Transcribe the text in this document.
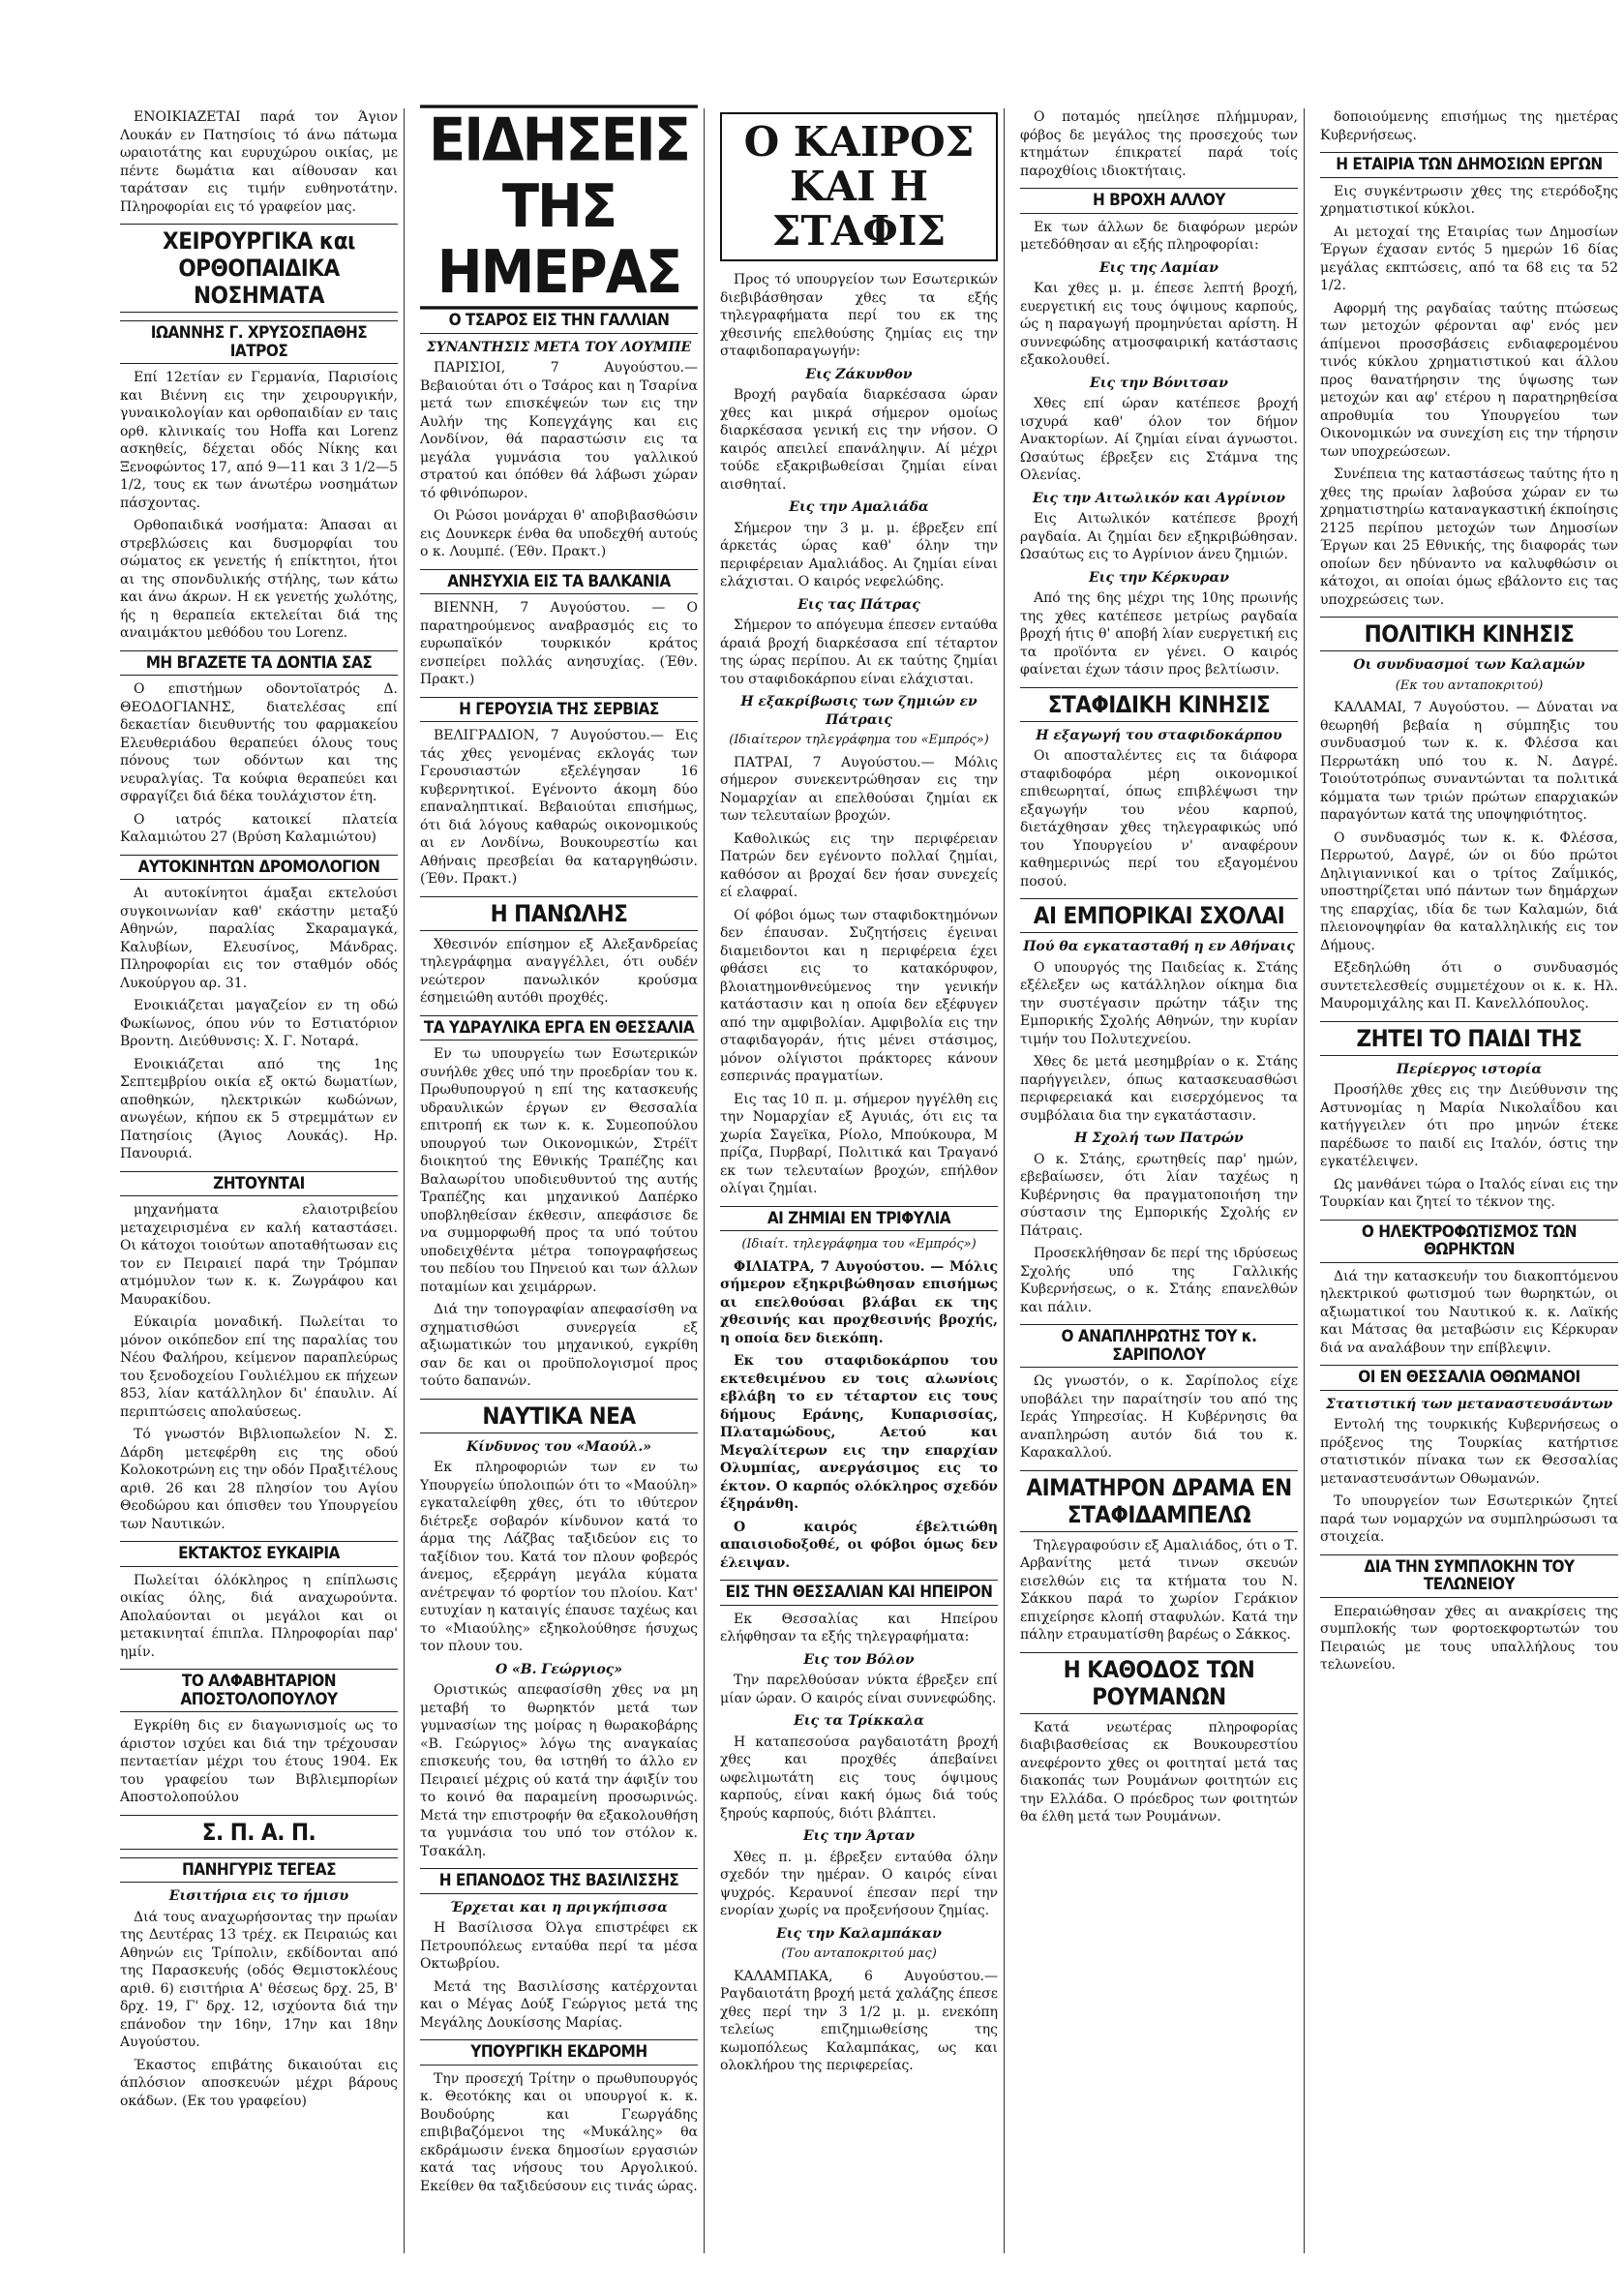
ΕΝΟΙΚΙΑΖΕΤΑΙ παρά τον Άγιον Λουκάν εν Πατησίοις τό άνω πάτωμα ωραιοτάτης και ευρυχώρου οικίας, με πέντε δωμάτια και αίθουσαν και ταράτσαν εις τιμήν ευθηνοτάτην. Πληροφορίαι εις τό γραφείον μας.

ΧΕΙΡΟΥΡΓΙΚΑ και ΟΡΘΟΠΑΙΔΙΚΑ ΝΟΣΗΜΑΤΑ
ΙΩΑΝΝΗΣ Γ. ΧΡΥΣΟΣΠΑΘΗΣ ΙΑΤΡΟΣ

Επί 12ετίαν εν Γερμανία, Παρισίοις και Βιέννη εις την χειρουργικήν, γυναικολογίαν και ορθοπαιδίαν εν ταις ορθ. κλινικαίς του Hoffa και Lorenz ασκηθείς, δέχεται οδός Νίκης και Ξενοφώντος 17, από 9—11 και 3 1/2—5 1/2, τους εκ των άνωτέρω νοσημάτων πάσχοντας.

Ορθοπαιδικά νοσήματα: Άπασαι αι στρεβλώσεις και δυσμορφίαι του σώματος εκ γενετής ή επίκτητοι, ήτοι αι της σπονδυλικής στήλης, των κάτω και άνω άκρων. Η εκ γενετής χωλότης, ής η θεραπεία εκτελείται διά της αναιμάκτου μεθόδου του Lorenz.

ΜΗ ΒΓΑΖΕΤΕ ΤΑ ΔΟΝΤΙΑ ΣΑΣ

Ο επιστήμων οδοντοϊατρός Δ. ΘΕΟΔΟΓΙΑΝΗΣ, διατελέσας επί δεκαετίαν διευθυντής του φαρμακείου Ελευθεριάδου θεραπεύει όλους τους πόνους των οδόντων και της νευραλγίας. Τα κούφια θεραπεύει και σφραγίζει διά δέκα τουλάχιστον έτη.

Ο ιατρός κατοικεί πλατεία Καλαμιώτου 27 (Βρύση Καλαμιώτου)

ΑΥΤΟΚΙΝΗΤΩΝ ΔΡΟΜΟΛΟΓΙΟΝ

Αι αυτοκίνητοι άμαξαι εκτελούσι συγκοινωνίαν καθ' εκάστην μεταξύ Αθηνών, παραλίας Σκαραμαγκά, Καλυβίων, Ελευσίνος, Μάνδρας. Πληροφορίαι εις τον σταθμόν οδός Λυκούργου αρ. 31.

Ενοικιάζεται μαγαζείον εν τη οδώ Φωκίωνος, όπου νύν το Εστιατόριον Βροντη. Διεύθυνσις: Χ. Γ. Νοταρά.

Ενοικιάζεται από της 1ης Σεπτεμβρίου οικία εξ οκτώ δωματίων, αποθηκών, ηλεκτρικών κωδώνων, ανωγέων, κήπου εκ 5 στρεμμάτων εν Πατησίοις (Άγιος Λουκάς). Ηρ. Πανουριά.

ΖΗΤΟΥΝΤΑΙ

μηχανήματα ελαιοτριβείου μεταχειρισμένα εν καλή καταστάσει. Οι κάτοχοι τοιούτων αποταθήτωσαν εις τον εν Πειραιεί παρά την Τρόμπαν ατμόμυλον των κ. κ. Ζωγράφου και Μαυρακίδου.

Εύκαιρία μοναδική. Πωλείται το μόνον οικόπεδον επί της παραλίας του Νέου Φαλήρου, κείμενον παραπλεύρως του ξενοδοχείου Γουλιέλμου εκ πήχεων 853, λίαν κατάλληλον δι' έπαυλιν. Αί περιπτώσεις απολαύσεως.

Τό γνωστόν Βιβλιοπωλείον Ν. Σ. Δάρδη μετεφέρθη εις της οδού Κολοκοτρώνη εις την οδόν Πραξιτέλους αριθ. 26 και 28 πλησίον του Αγίου Θεοδώρου και όπισθεν του Υπουργείου των Ναυτικών.

ΕΚΤΑΚΤΟΣ ΕΥΚΑΙΡΙΑ

Πωλείται όλόκληρος η επίπλωσις οικίας όλης, διά αναχωρούντα. Απολαύονται οι μεγάλοι και οι μετακινηταί έπιπλα. Πληροφορίαι παρ' ημίν.

ΤΟ ΑΛΦΑΒΗΤΑΡΙΟΝ ΑΠΟΣΤΟΛΟΠΟΥΛΟΥ

Εγκρίθη δις εν διαγωνισμοίς ως το άριστον ισχύει και διά την τρέχουσαν πενταετίαν μέχρι του έτους 1904. Εκ του γραφείου των Βιβλιεμπορίων Αποστολοπούλου

Σ. Π. Α. Π.
ΠΑΝΗΓΥΡΙΣ ΤΕΓΕΑΣ
Εισιτήρια εις το ήμισυ

Διά τους αναχωρήσοντας την πρωίαν της Δευτέρας 13 τρέχ. εκ Πειραιώς και Αθηνών εις Τρίπολιν, εκδίδονται από της Παρασκευής (οδός Θεμιστοκλέους αριθ. 6) εισιτήρια Α' θέσεως δρχ. 25, Β' δρχ. 19, Γ' δρχ. 12, ισχύοντα διά την επάνοδον την 16ην, 17ην και 18ην Αυγούστου.

Έκαστος επιβάτης δικαιούται εις άπλόσιον αποσκευών μέχρι βάρους οκάδων. (Εκ του γραφείου)

ΕΙΔΗΣΕΙΣ ΤΗΣ ΗΜΕΡΑΣ
Ο ΤΣΑΡΟΣ ΕΙΣ ΤΗΝ ΓΑΛΛΙΑΝ
ΣΥΝΑΝΤΗΣΙΣ ΜΕΤΑ ΤΟΥ ΛΟΥΜΠΕ

ΠΑΡΙΣΙΟΙ, 7 Αυγούστου.— Βεβαιούται ότι ο Τσάρος και η Τσαρίνα μετά των επισκέψεών των εις την Αυλήν της Κοπεγχάγης και εις Λονδίνον, θά παραστώσιν εις τα μεγάλα γυμνάσια του γαλλικού στρατού και όπόθεν θά λάβωσι χώραν τό φθινόπωρον.

Οι Ρώσοι μονάρχαι θ' αποβιβασθώσιν εις Δουνκερκ ένθα θα υποδεχθή αυτούς ο κ. Λουμπέ. (Έθν. Πρακτ.)

ΑΝΗΣΥΧΙΑ ΕΙΣ ΤΑ ΒΑΛΚΑΝΙΑ

ΒΙΕΝΝΗ, 7 Αυγούστου. — Ο παρατηρούμενος αναβρασμός εις το ευρωπαϊκόν τουρκικόν κράτος ενσπείρει πολλάς ανησυχίας. (Έθν. Πρακτ.)

Η ΓΕΡΟΥΣΙΑ ΤΗΣ ΣΕΡΒΙΑΣ

ΒΕΛΙΓΡΑΔΙΟΝ, 7 Αυγούστου.— Εις τάς χθες γενομένας εκλογάς των Γερουσιαστών εξελέγησαν 16 κυβερνητικοί. Εγένοντο άκομη δύο επαναληπτικαί. Βεβαιούται επισήμως, ότι διά λόγους καθαρώς οικονομικούς αι εν Λονδίνω, Βουκουρεστίω και Αθήναις πρεσβείαι θα καταργηθώσιν. (Έθν. Πρακτ.)

Η ΠΑΝΩΛΗΣ

Χθεσινόν επίσημον εξ Αλεξανδρείας τηλεγράφημα αναγγέλλει, ότι ουδέν νεώτερον πανωλικόν κρούσμα έσημειώθη αυτόθι προχθές.

ΤΑ ΥΔΡΑΥΛΙΚΑ ΕΡΓΑ ΕΝ ΘΕΣΣΑΛΙΑ

Εν τω υπουργείω των Εσωτερικών συνήλθε χθες υπό την προεδρίαν του κ. Πρωθυπουργού η επί της κατασκευής υδραυλικών έργων εν Θεσσαλία επιτροπή εκ των κ. κ. Συμεοπούλου υπουργού των Οικονομικών, Στρέϊτ διοικητού της Εθνικής Τραπέζης και Βαλαωρίτου υποδιευθυντού της αυτής Τραπέζης και μηχανικού Δαπέρκο υποβληθείσαν έκθεσιν, απεφάσισε δε να συμμορφωθή προς τα υπό τούτου υποδειχθέντα μέτρα τοπογραφήσεως του πεδίου του Πηνειού και των άλλων ποταμίων και χειμάρρων.

Διά την τοπογραφίαν απεφασίσθη να σχηματισθώσι συνεργεία εξ αξιωματικών του μηχανικού, εγκρίθη σαν δε και οι προϋπολογισμοί προς τούτο δαπανών.

ΝΑΥΤΙΚΑ ΝΕΑ
Κίνδυνος του «Μαούλ.»

Εκ πληροφοριών των εν τω Υπουργείω ύπολοιπών ότι το «Μαούλη» εγκαταλείφθη χθες, ότι το ιθύτερον διέτρεξε σοβαρόν κίνδυνον κατά το άρμα της Λάζβας ταξιδεύον εις το ταξίδιον του. Κατά τον πλουν φοβερός άνεμος, εξερράγη μεγάλα κύματα ανέτρεψαν τό φορτίον του πλοίου. Κατ' ευτυχίαν η καταιγίς έπαυσε ταχέως και το «Μιαούλης» εξηκολούθησε ήσυχως τον πλουν του.

Ο «Β. Γεώργιος»

Οριστικώς απεφασίσθη χθες να μη μεταβή το θωρηκτόν μετά των γυμνασίων της μοίρας η θωρακοβάρης «Β. Γεώργιος» λόγω της αναγκαίας επισκευής του, θα ιστηθή το άλλο εν Πειραιεί μέχρις ού κατά την άφιξίν του το κοινό θα παραμείνη προσωρινώς. Μετά την επιστροφήν θα εξακολουθήση τα γυμνάσια του υπό τον στόλον κ. Τσακάλη.

Η ΕΠΑΝΟΔΟΣ ΤΗΣ ΒΑΣΙΛΙΣΣΗΣ
Έρχεται και η πριγκήπισσα

Η Βασίλισσα Όλγα επιστρέφει εκ Πετρουπόλεως ενταύθα περί τα μέσα Οκτωβρίου.

Μετά της Βασιλίσσης κατέρχονται και ο Μέγας Δούξ Γεώργιος μετά της Μεγάλης Δουκίσσης Μαρίας.

ΥΠΟΥΡΓΙΚΗ ΕΚΔΡΟΜΗ

Την προσεχή Τρίτην ο πρωθυπουργός κ. Θεοτόκης και οι υπουργοί κ. κ. Βουδούρης και Γεωργάδης επιβιβαζόμενοι της «Μυκάλης» θα εκδράμωσιν ένεκα δημοσίων εργασιών κατά τας νήσους του Αργολικού. Εκείθεν θα ταξιδεύσουν εις τινάς ώρας.

Ο ΚΑΙΡΟΣ ΚΑΙ Η ΣΤΑΦΙΣ

Προς τό υπουργείον των Εσωτερικών διεβιβάσθησαν χθες τα εξής τηλεγραφήματα περί του εκ της χθεσινής επελθούσης ζημίας εις την σταφιδοπαραγωγήν:

Εις Ζάκυνθον

Βροχή ραγδαία διαρκέσασα ώραν χθες και μικρά σήμερον ομοίως διαρκέσασα γενική εις την νήσον. Ο καιρός απειλεί επανάληψιν. Αί μέχρι τούδε εξακριβωθείσαι ζημίαι είναι αισθηταί.

Εις την Αμαλιάδα

Σήμερον την 3 μ. μ. έβρεξεν επί άρκετάς ώρας καθ' όλην την περιφέρειαν Αμαλιάδος. Αι ζημίαι είναι ελάχισται. Ο καιρός νεφελώδης.

Εις τας Πάτρας

Σήμερον το απόγευμα έπεσεν ενταύθα άραιά βροχή διαρκέσασα επί τέταρτον της ώρας περίπου. Αι εκ ταύτης ζημίαι του σταφιδοκάρπου είναι ελάχισται.

Η εξακρίβωσις των ζημιών εν Πάτραις
(Ιδιαίτερον τηλεγράφημα του «Εμπρός»)

ΠΑΤΡΑΙ, 7 Αυγούστου.— Μόλις σήμερον συνεκεντρώθησαν εις την Νομαρχίαν αι επελθούσαι ζημίαι εκ των τελευταίων βροχών.

Καθολικώς εις την περιφέρειαν Πατρών δεν εγένοντο πολλαί ζημίαι, καθόσον αι βροχαί δεν ήσαν συνεχείς εί ελαφραί.

Οί φόβοι όμως των σταφιδοκτημόνων δεν έπαυσαν. Συζητήσεις έγειναι διαμειδοντοι και η περιφέρεια έχει φθάσει εις το κατακόρυφον, βλοιατημονθνεύμενος την γενικήν κατάστασιν και η οποία δεν εξέφυγεν από την αμφιβολίαν. Αμφιβολία εις την σταφιδαγοράν, ήτις μένει στάσιμος, μόνον ολίγιστοι πράκτορες κάνουν εσπερινάς πραγματίων.

Εις τας 10 π. μ. σήμερον ηγγέλθη εις την Νομαρχίαν εξ Αγυιάς, ότι εις τα χωρία Σαγεϊκα, Ρίολο, Μπούκουρα, Μ πρίζα, Πυρβαρί, Πολιτικά και Τραγανό εκ των τελευταίων βροχών, επήλθον ολίγαι ζημίαι.

ΑΙ ΖΗΜΙΑΙ ΕΝ ΤΡΙΦΥΛΙΑ
(Ιδιαίτ. τηλεγράφημα του «Εμπρός»)

ΦΙΛΙΑΤΡΑ, 7 Αυγούστου. — Μόλις σήμερον εξηκριβώθησαν επισήμως αι επελθούσαι βλάβαι εκ της χθεσινής και προχθεσινής βροχής, η οποία δεν διεκόπη.

Εκ του σταφιδοκάρπου του εκτεθειμένου εν τοις αλωνίοις εβλάβη το εν τέταρτον εις τους δήμους Εράνης, Κυπαρισσίας, Πλαταμώδους, Αετού και Μεγαλίτερων εις την επαρχίαν Ολυμπίας, ανεργάσιμος εις το έκτον. Ο καρπός ολόκληρος σχεδόν έξηράνθη.

Ο καιρός έβελτιώθη απαισιοδοξοθέ, οι φόβοι όμως δεν έλειψαν.

ΕΙΣ ΤΗΝ ΘΕΣΣΑΛΙΑΝ ΚΑΙ ΗΠΕΙΡΟΝ

Εκ Θεσσαλίας και Ηπείρου ελήφθησαν τα εξής τηλεγραφήματα:

Εις τον Βόλον

Την παρελθούσαν νύκτα έβρεξεν επί μίαν ώραν. Ο καιρός είναι συννεφώδης.

Εις τα Τρίκκαλα

Η καταπεσούσα ραγδαιοτάτη βροχή χθες και προχθές άπεβαίνει ωφελιμωτάτη εις τους όψιμους καρπούς, είναι κακή όμως διά τούς ξηρούς καρπούς, διότι βλάπτει.

Εις την Άρταν

Χθες π. μ. έβρεξεν ενταύθα όλην σχεδόν την ημέραν. Ο καιρός είναι ψυχρός. Κεραυνοί έπεσαν περί την ενορίαν χωρίς να προξενήσουν ζημίας.

Εις την Καλαμπάκαν
(Του ανταποκριτού μας)

ΚΑΛΑΜΠΑΚΑ, 6 Αυγούστου.— Ραγδαιοτάτη βροχή μετά χαλάζης έπεσε χθες περί την 3 1/2 μ. μ. ενεκόπη τελείως επιζημιωθείσης της κωμοπόλεως Καλαμπάκας, ως και ολοκλήρου της περιφερείας.

Ο ποταμός ηπείλησε πλήμμυραν, φόβος δε μεγάλος της προσεχούς των κτημάτων έπικρατεί παρά τοίς παροχθίοις ιδιοκτήταις.

Η ΒΡΟΧΗ ΑΛΛΟΥ

Εκ των άλλων δε διαφόρων μερών μετεδόθησαν αι εξής πληροφορίαι:

Εις της Λαμίαν

Και χθες μ. μ. έπεσε λεπτή βροχή, ευεργετική εις τους όψιμους καρπούς, ώς η παραγωγή προμηνύεται αρίστη. Η συννεφώδης ατμοσφαιρική κατάστασις εξακολουθεί.

Εις την Βόνιτσαν

Χθες επί ώραν κατέπεσε βροχή ισχυρά καθ' όλον τον δήμον Ανακτορίων. Αί ζημίαι είναι άγνωστοι. Ωσαύτως έβρεξεν εις Στάμνα της Ολενίας.

Εις την Αιτωλικόν και Αγρίνιον

Εις Αιτωλικόν κατέπεσε βροχή ραγδαία. Αι ζημίαι δεν εξηκριβώθησαν. Ωσαύτως εις το Αγρίνιον άνευ ζημιών.

Εις την Κέρκυραν

Από της 6ης μέχρι της 10ης πρωινής της χθες κατέπεσε μετρίως ραγδαία βροχή ήτις θ' αποβή λίαν ευεργετική εις τα προϊόντα εν γένει. Ο καιρός φαίνεται έχων τάσιν προς βελτίωσιν.

ΣΤΑΦΙΔΙΚΗ ΚΙΝΗΣΙΣ
Η εξαγωγή του σταφιδοκάρπου

Οι αποσταλέντες εις τα διάφορα σταφιδοφόρα μέρη οικονομικοί επιθεωρηταί, όπως επιβλέψωσι την εξαγωγήν του νέου καρπού, διετάχθησαν χθες τηλεγραφικώς υπό του Υπουργείου ν' αναφέρουν καθημερινώς περί του εξαγομένου ποσού.

ΑΙ ΕΜΠΟΡΙΚΑΙ ΣΧΟΛΑΙ
Πού θα εγκατασταθή η εν Αθήναις

Ο υπουργός της Παιδείας κ. Στάης εξέλεξεν ως κατάλληλον οίκημα δια την συστέγασιν πρώτην τάξιν της Εμπορικής Σχολής Αθηνών, την κυρίαν τιμήν του Πολυτεχνείου.

Χθες δε μετά μεσημβρίαν ο κ. Στάης παρήγγειλεν, όπως κατασκευασθώσι περιφερειακά και εισερχόμενος τα συμβόλαια δια την εγκατάστασιν.

Η Σχολή των Πατρών

Ο κ. Στάης, ερωτηθείς παρ' ημών, εβεβαίωσεν, ότι λίαν ταχέως η Κυβέρνησις θα πραγματοποιήση την σύστασιν της Εμπορικής Σχολής εν Πάτραις.

Προσεκλήθησαν δε περί της ιδρύσεως Σχολής υπό της Γαλλικής Κυβερνήσεως, ο κ. Στάης επανελθών και πάλιν.

Ο ΑΝΑΠΛΗΡΩΤΗΣ ΤΟΥ κ. ΣΑΡΙΠΟΛΟΥ

Ως γνωστόν, ο κ. Σαρίπολος είχε υποβάλει την παραίτησίν του από της Ιεράς Υπηρεσίας. Η Κυβέρνησις θα αναπληρώση αυτόν διά του κ. Καρακαλλού.

ΑΙΜΑΤΗΡΟΝ ΔΡΑΜΑ ΕΝ ΣΤΑΦΙΔΑΜΠΕΛΩ

Τηλεγραφούσιν εξ Αμαλιάδος, ότι ο Τ. Αρβανίτης μετά τινων σκευών εισελθών εις τα κτήματα του Ν. Σάκκου παρά το χωρίον Γεράκιον επιχείρησε κλοπή σταφυλών. Κατά την πάλην ετραυματίσθη βαρέως ο Σάκκος.

Η ΚΑΘΟΔΟΣ ΤΩΝ ΡΟΥΜΑΝΩΝ

Κατά νεωτέρας πληροφορίας διαβιβασθείσας εκ Βουκουρεστίου ανεφέροντο χθες οι φοιτηταί μετά τας διακοπάς των Ρουμάνων φοιτητών εις την Ελλάδα. Ο πρόεδρος των φοιτητών θα έλθη μετά των Ρουμάνων.

δοποιούμενης επισήμως της ημετέρας Κυβερνήσεως.

Η ΕΤΑΙΡΙΑ ΤΩΝ ΔΗΜΟΣΙΩΝ ΕΡΓΩΝ

Εις συγκέντρωσιν χθες της ετερόδοξης χρηματιστικοί κύκλοι.

Αι μετοχαί της Εταιρίας των Δημοσίων Έργων έχασαν εντός 5 ημερών 16 δίας μεγάλας εκπτώσεις, από τα 68 εις τα 52 1/2.

Αφορμή της ραγδαίας ταύτης πτώσεως των μετοχών φέρονται αφ' ενός μεν άπίμενοι προσσβάσεις ενδιαφερομένου τινός κύκλου χρηματιστικού και άλλου προς θανατήρησιν της ύψωσης των μετοχών και αφ' ετέρου η παρατηρηθείσα απροθυμία του Υπουργείου των Οικονομικών να συνεχίση εις την τήρησιν των υποχρεώσεων.

Συνέπεια της καταστάσεως ταύτης ήτο η χθες της πρωίαν λαβούσα χώραν εν τω χρηματιστηρίω καταναγκαστική έκποίησις 2125 περίπου μετοχών των Δημοσίων Έργων και 25 Εθνικής, της διαφοράς των οποίων δεν ηδύναντο να καλυφθώσιν οι κάτοχοι, αι οποίαι όμως εβάλοντο εις τας υποχρεώσεις των.

ΠΟΛΙΤΙΚΗ ΚΙΝΗΣΙΣ
Οι συνδυασμοί των Καλαμών
(Εκ του ανταποκριτού)

ΚΑΛΑΜΑΙ, 7 Αυγούστου. — Δύναται να θεωρηθή βεβαία η σύμπηξις του συνδυασμού των κ. κ. Φλέσσα και Περρωτάκη υπό του κ. Ν. Δαγρέ. Τοιούτοτρόπως συναντώνται τα πολιτικά κόμματα των τριών πρώτων επαρχιακών παραγόντων κατά της υποψηφιότητος.

Ο συνδυασμός των κ. κ. Φλέσσα, Περρωτού, Δαγρέ, ών οι δύο πρώτοι Δηλιγιαννικοί και ο τρίτος Ζαΐμικός, υποστηρίζεται υπό πάντων των δημάρχων της επαρχίας, ιδία δε των Καλαμών, διά πλειονοψηφίαν θα καταλληλικής εις τον Δήμους.

Εξεδηλώθη ότι ο συνδυασμός συντετελεσθείς συμμετέχουν οι κ. κ. Ηλ. Μαυρομιχάλης και Π. Κανελλόπουλος.

ΖΗΤΕΙ ΤΟ ΠΑΙΔΙ ΤΗΣ
Περίεργος ιστορία

Προσήλθε χθες εις την Διεύθυνσιν της Αστυνομίας η Μαρία Νικολαΐδου και κατήγγειλεν ότι προ μηνών έτεκε παρέδωσε το παιδί εις Ιταλόν, όστις την εγκατέλειψεν.

Ως μανθάνει τώρα ο Ιταλός είναι εις την Τουρκίαν και ζητεί το τέκνον της.

Ο ΗΛΕΚΤΡΟΦΩΤΙΣΜΟΣ ΤΩΝ ΘΩΡΗΚΤΩΝ

Διά την κατασκευήν του διακοπτόμενου ηλεκτρικού φωτισμού των θωρηκτών, οι αξιωματικοί του Ναυτικού κ. κ. Λαϊκής και Μάτσας θα μεταβώσιν εις Κέρκυραν διά να αναλάβουν την επίβλεψιν.

ΟΙ ΕΝ ΘΕΣΣΑΛΙΑ ΟΘΩΜΑΝΟΙ
Στατιστική των μεταναστευσάντων

Εντολή της τουρκικής Κυβερνήσεως ο πρόξενος της Τουρκίας κατήρτισε στατιστικόν πίνακα των εκ Θεσσαλίας μεταναστευσάντων Οθωμανών.

Το υπουργείον των Εσωτερικών ζητεί παρά των νομαρχών να συμπληρώσωσι τα στοιχεία.

ΔΙΑ ΤΗΝ ΣΥΜΠΛΟΚΗΝ ΤΟΥ ΤΕΛΩΝΕΙΟΥ

Επεραιώθησαν χθες αι ανακρίσεις της συμπλοκής των φορτοεκφορτωτών του Πειραιώς με τους υπαλλήλους του τελωνείου.
